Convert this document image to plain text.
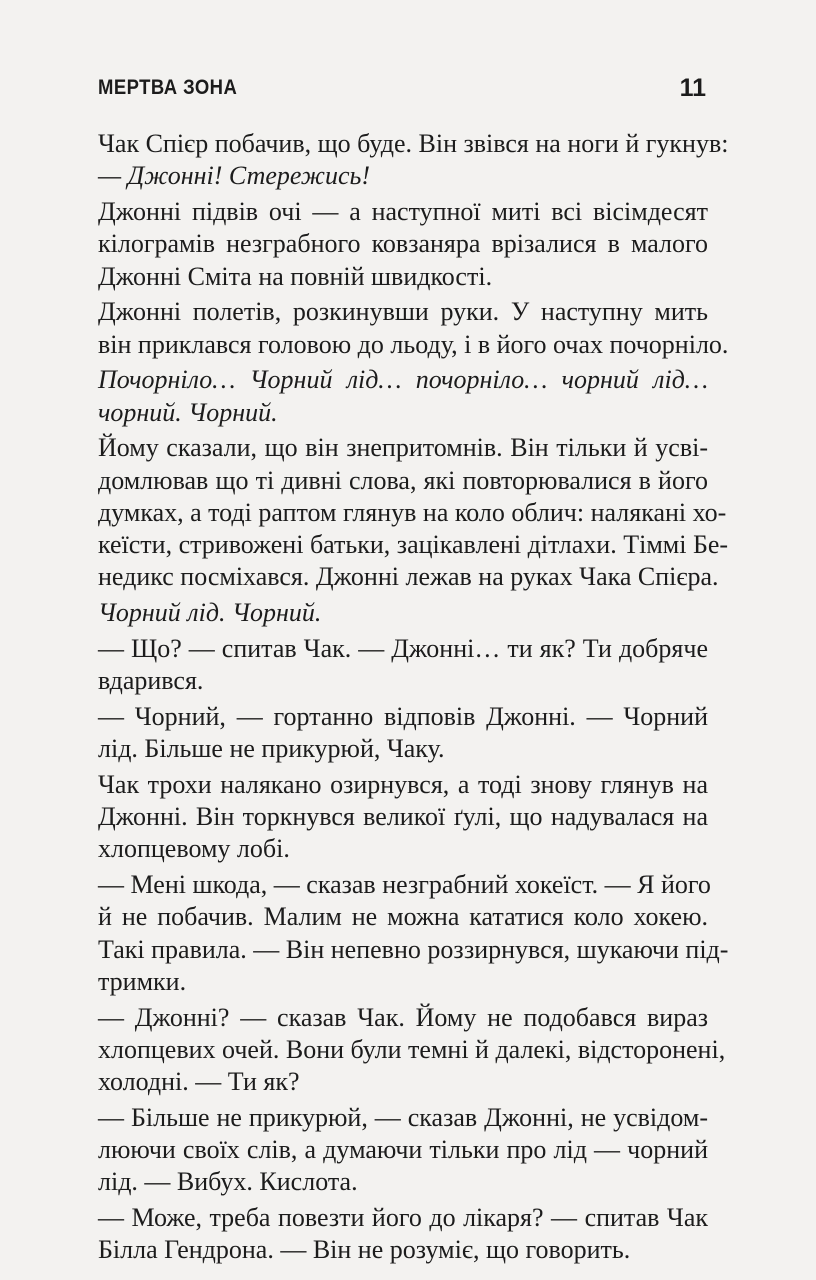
МЕРТВА ЗОНА	11
Чак Спієр побачив, що буде. Він звівся на ноги й гукнув:
— Джонні! Стережись!
Джонні підвів очі — а наступної миті всі вісімдесят
кілограмів незграбного ковзаняра врізалися в малого
Джонні Сміта на повній швидкості.
Джонні полетів, розкинувши руки. У наступну мить
він приклався головою до льоду, і в його очах почорніло.
Почорніло… Чорний лід… почорніло… чорний лід…
чорний. Чорний.
Йому сказали, що він знепритомнів. Він тільки й усві-
домлював що ті дивні слова, які повторювалися в його
думках, а тоді раптом глянув на коло облич: налякані хо-
кеїсти, стривожені батьки, зацікавлені дітлахи. Тіммі Бе-
недикс посміхався. Джонні лежав на руках Чака Спієра.
Чорний лід. Чорний.
— Що? — спитав Чак. — Джонні… ти як? Ти добряче
вдарився.
— Чорний, — гортанно відповів Джонні. — Чорний
лід. Більше не прикурюй, Чаку.
Чак трохи налякано озирнувся, а тоді знову глянув на
Джонні. Він торкнувся великої ґулі, що надувалася на
хлопцевому лобі.
— Мені шкода, — сказав незграбний хокеїст. — Я його
й не побачив. Малим не можна кататися коло хокею.
Такі правила. — Він непевно роззирнувся, шукаючи під-
тримки.
— Джонні? — сказав Чак. Йому не подобався вираз
хлопцевих очей. Вони були темні й далекі, відсторонені,
холодні. — Ти як?
— Більше не прикурюй, — сказав Джонні, не усвідом-
люючи своїх слів, а думаючи тільки про лід — чорний
лід. — Вибух. Кислота.
— Може, треба повезти його до лікаря? — спитав Чак
Білла Гендрона. — Він не розуміє, що говорить.
